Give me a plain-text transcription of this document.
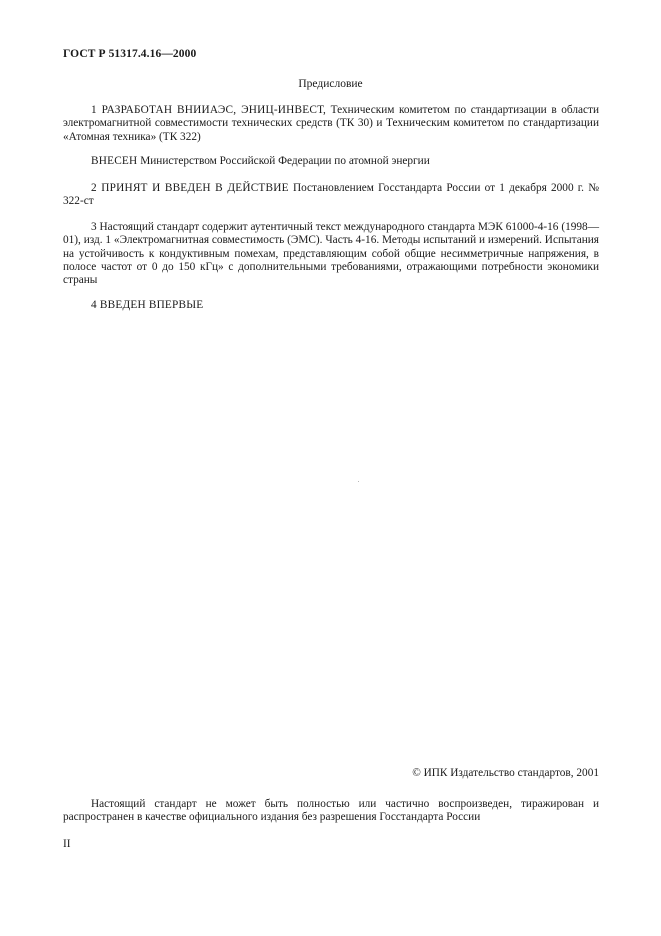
ГОСТ Р 51317.4.16—2000
Предисловие
1 РАЗРАБОТАН ВНИИАЭС, ЭНИЦ-ИНВЕСТ, Техническим комитетом по стандартизации в области электромагнитной совместимости технических средств (ТК 30) и Техническим комитетом по стандартизации «Атомная техника» (ТК 322)
ВНЕСЕН Министерством Российской Федерации по атомной энергии
2 ПРИНЯТ И ВВЕДЕН В ДЕЙСТВИЕ Постановлением Госстандарта России от 1 декабря 2000 г. № 322-ст
3 Настоящий стандарт содержит аутентичный текст международного стандарта МЭК 61000-4-16 (1998—01), изд. 1 «Электромагнитная совместимость (ЭМС). Часть 4-16. Методы испытаний и измерений. Испытания на устойчивость к кондуктивным помехам, представляющим собой общие несимметричные напряжения, в полосе частот от 0 до 150 кГц» с дополнительными требованиями, отражающими потребности экономики страны
4 ВВЕДЕН ВПЕРВЫЕ
© ИПК Издательство стандартов, 2001
Настоящий стандарт не может быть полностью или частично воспроизведен, тиражирован и распространен в качестве официального издания без разрешения Госстандарта России
II
